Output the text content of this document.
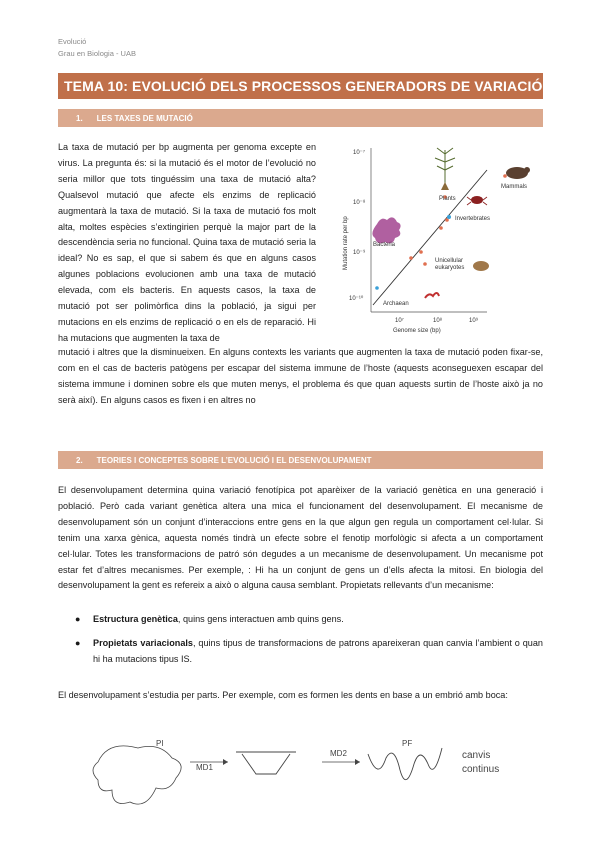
Evolució
Grau en Biologia - UAB
TEMA 10: EVOLUCIÓ DELS PROCESSOS GENERADORS DE VARIACIÓ
1. LES TAXES DE MUTACIÓ
La taxa de mutació per bp augmenta per genoma excepte en virus. La pregunta és: si la mutació és el motor de l’evolució no seria millor que tots tinguéssim una taxa de mutació alta? Qualsevol mutació que afecte els enzims de replicació augmentarà la taxa de mutació. Si la taxa de mutació fos molt alta, moltes espècies s’extingirien perquè la major part de la descendència seria no funcional. Quina taxa de mutació seria la ideal? No es sap, el que si sabem és que en alguns casos algunes poblacions evolucionen amb una taxa de mutació elevada, com els bacteris. En aquests casos, la taxa de mutació pot ser polimòrfica dins la població, ja sigui per mutacions en els enzims de replicació o en els de reparació. Hi ha mutacions que augmenten la taxa de
10⁻⁷
10⁻⁸
10⁻⁹
10⁻¹⁰
10⁷	10⁸	10⁹
Mutation rate per bp
Genome size (bp)
Plants
Mammals
Invertebrates
Bacteria
Unicellular
eukaryotes
Archaean
mutació i altres que la disminueixen. En alguns contexts les variants que augmenten la taxa de mutació poden fixar-se, com en el cas de bacteris patògens per escapar del sistema immune de l’hoste (aquests aconseguexen escapar del sistema immune i dominen sobre els que muten menys, el problema és que quan aquests surtin de l’hoste això ja no serà així). En alguns casos es fixen i en altres no
2. TEORIES I CONCEPTES SOBRE L’EVOLUCIÓ I EL DESENVOLUPAMENT
El desenvolupament determina quina variació fenotípica pot aparèixer de la variació genètica en una generació i població. Però cada variant genètica altera una mica el funcionament del desenvolupament. El mecanisme de desenvolupament són un conjunt d’interaccions entre gens en la que algun gen regula un comportament cel·lular. Si tenim una xarxa gènica, aquesta només tindrà un efecte sobre el fenotip morfològic si afecta a un comportament cel·lular. Totes les transformacions de patró són degudes a un mecanisme de desenvolupament. Un mecanisme pot estar fet d’altres mecanismes. Per exemple, : Hi ha un conjunt de gens un d’ells afecta la mitosi. En biologia del desenvolupament la gent es refereix a això o alguna causa semblant. Propietats rellevants d’un mecanisme:
● Estructura genètica, quins gens interactuen amb quins gens.
● Propietats variacionals, quins tipus de transformacions de patrons apareixeran quan canvia l’ambient o quan hi ha mutacions tipus IS.
El desenvolupament s’estudia per parts. Per exemple, com es formen les dents en base a un embrió amb boca:
PI
MD1
MD2
PF
canvis
continus
